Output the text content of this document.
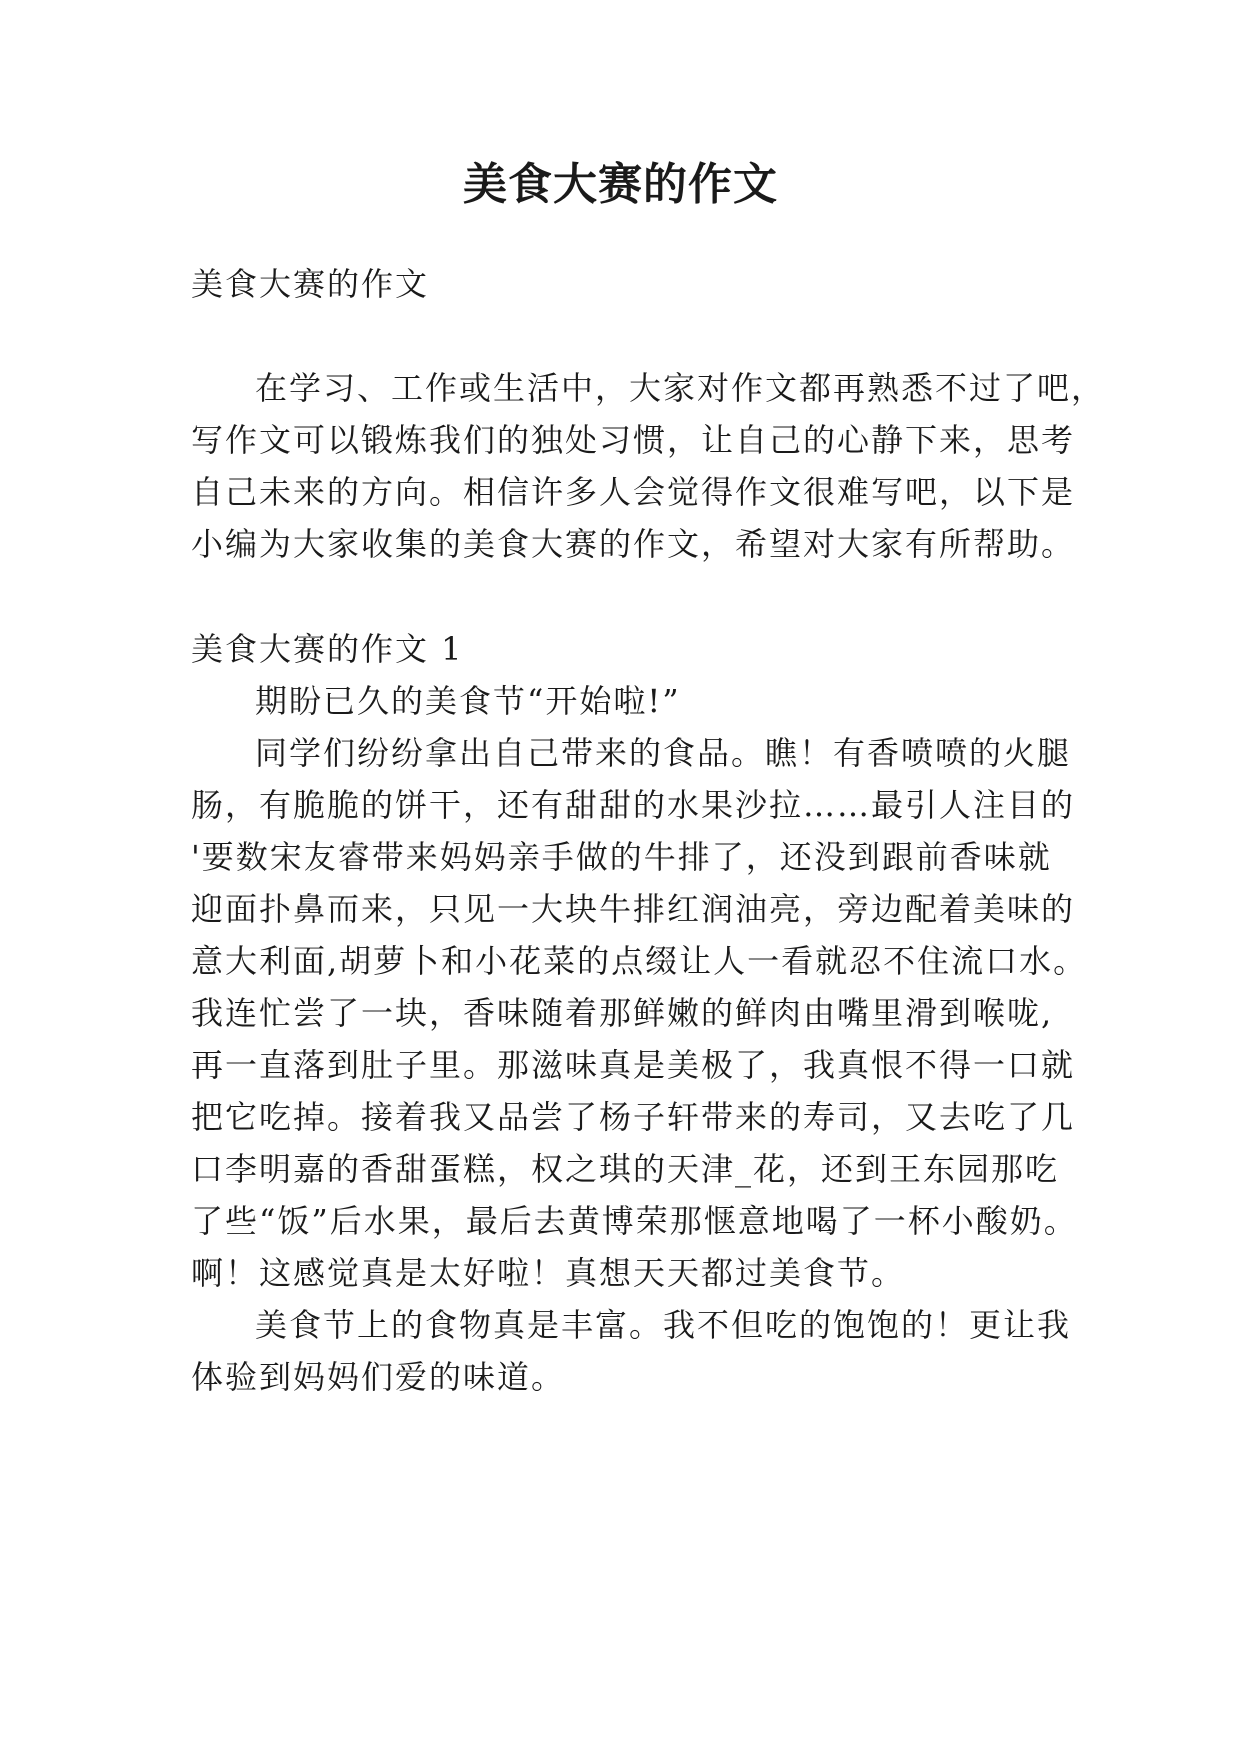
美食大赛的作文

美食大赛的作文

在学习、工作或生活中，大家对作文都再熟悉不过了吧，

写作文可以锻炼我们的独处习惯，让自己的心静下来，思考

自己未来的方向。相信许多人会觉得作文很难写吧，以下是

小编为大家收集的美食大赛的作文，希望对大家有所帮助。

美食大赛的作文 1

期盼已久的美食节“开始啦!”

同学们纷纷拿出自己带来的食品。瞧！有香喷喷的火腿

肠，有脆脆的饼干，还有甜甜的水果沙拉……最引人注目的

'要数宋友睿带来妈妈亲手做的牛排了，还没到跟前香味就

迎面扑鼻而来，只见一大块牛排红润油亮，旁边配着美味的

意大利面,胡萝卜和小花菜的点缀让人一看就忍不住流口水。

我连忙尝了一块，香味随着那鲜嫩的鲜肉由嘴里滑到喉咙,

再一直落到肚子里。那滋味真是美极了，我真恨不得一口就

把它吃掉。接着我又品尝了杨子轩带来的寿司，又去吃了几

口李明嘉的香甜蛋糕，权之琪的天津_花，还到王东园那吃

了些“饭”后水果，最后去黄博荣那惬意地喝了一杯小酸奶。

啊！这感觉真是太好啦！真想天天都过美食节。

美食节上的食物真是丰富。我不但吃的饱饱的！更让我

体验到妈妈们爱的味道。
